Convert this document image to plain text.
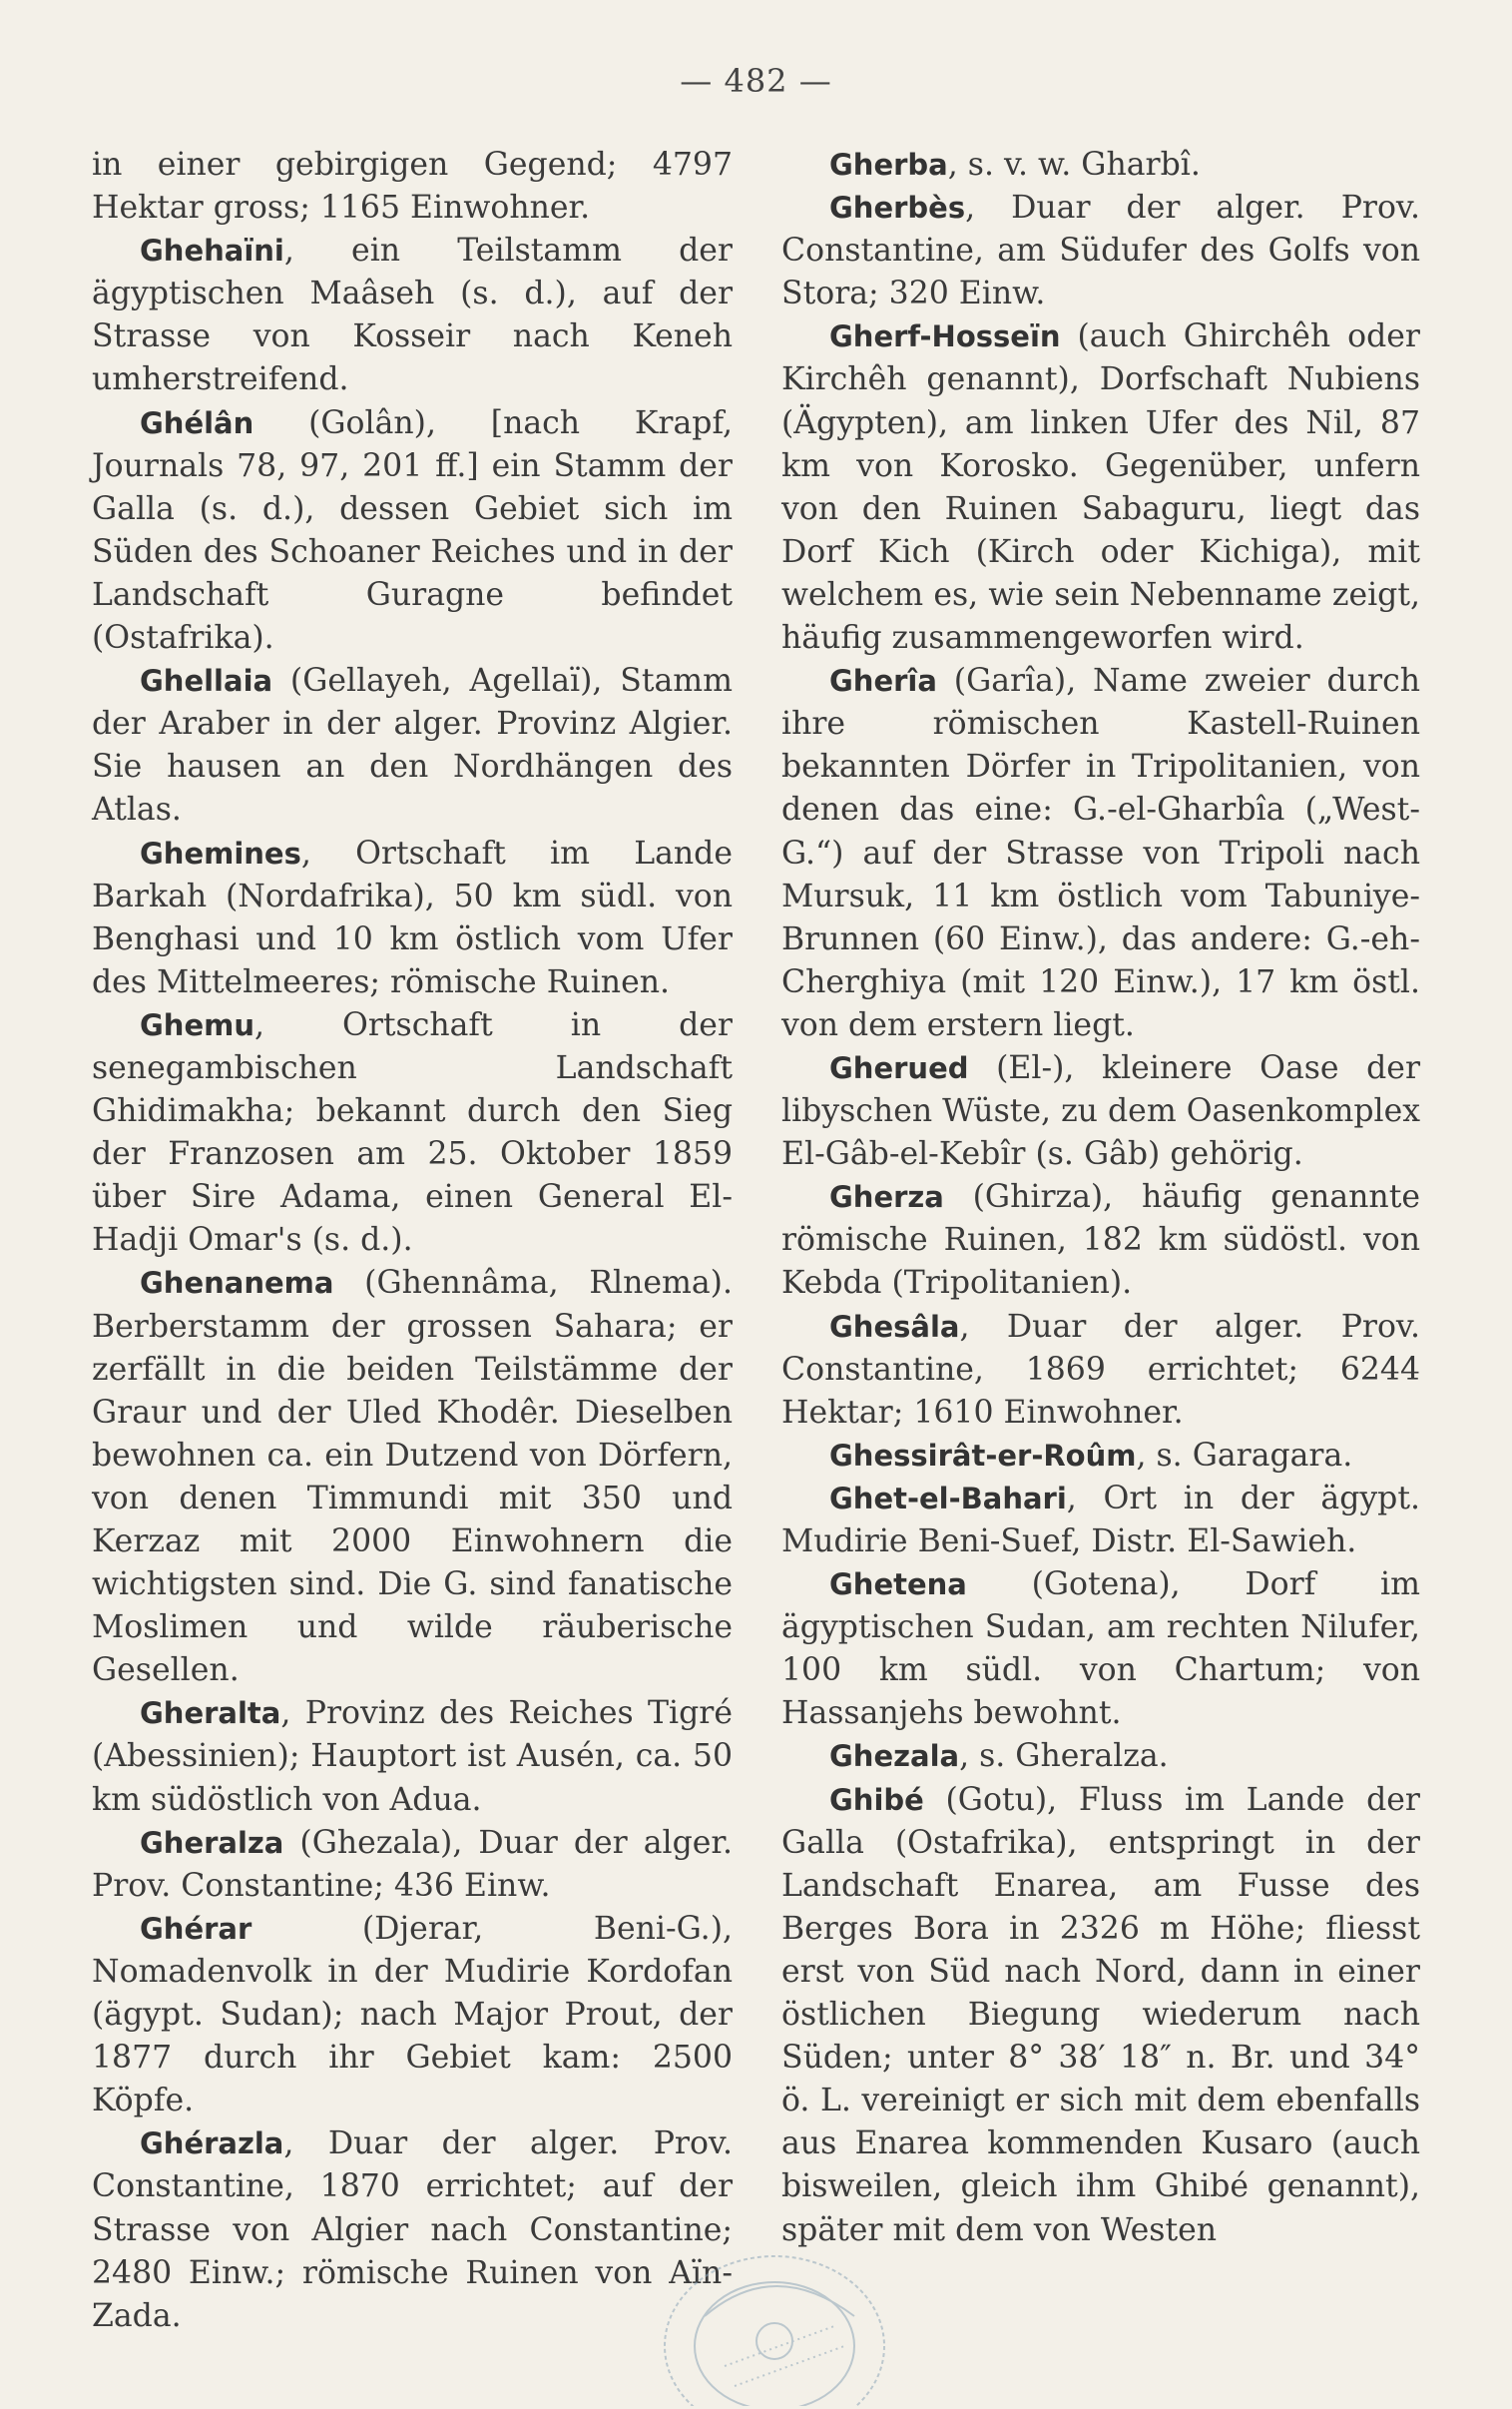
— 482 —

in einer gebirgigen Gegend; 4797 Hektar gross; 1165 Einwohner.

Ghehaïni, ein Teilstamm der ägyptischen Maâseh (s. d.), auf der Strasse von Kosseir nach Keneh umherstreifend.

Ghélân (Golân), [nach Krapf, Journals 78, 97, 201 ff.] ein Stamm der Galla (s. d.), dessen Gebiet sich im Süden des Schoaner Reiches und in der Landschaft Guragne befindet (Ostafrika).

Ghellaia (Gellayeh, Agellaï), Stamm der Araber in der alger. Provinz Algier. Sie hausen an den Nordhängen des Atlas.

Ghemines, Ortschaft im Lande Barkah (Nordafrika), 50 km südl. von Benghasi und 10 km östlich vom Ufer des Mittelmeeres; römische Ruinen.

Ghemu, Ortschaft in der senegambischen Landschaft Ghidimakha; bekannt durch den Sieg der Franzosen am 25. Oktober 1859 über Sire Adama, einen General El-Hadji Omar's (s. d.).

Ghenanema (Ghennâma, Rlnema). Berberstamm der grossen Sahara; er zerfällt in die beiden Teilstämme der Graur und der Uled Khodêr. Dieselben bewohnen ca. ein Dutzend von Dörfern, von denen Timmundi mit 350 und Kerzaz mit 2000 Einwohnern die wichtigsten sind. Die G. sind fanatische Moslimen und wilde räuberische Gesellen.

Gheralta, Provinz des Reiches Tigré (Abessinien); Hauptort ist Ausén, ca. 50 km südöstlich von Adua.

Gheralza (Ghezala), Duar der alger. Prov. Constantine; 436 Einw.

Ghérar (Djerar, Beni-G.), Nomadenvolk in der Mudirie Kordofan (ägypt. Sudan); nach Major Prout, der 1877 durch ihr Gebiet kam: 2500 Köpfe.

Ghérazla, Duar der alger. Prov. Constantine, 1870 errichtet; auf der Strasse von Algier nach Constantine; 2480 Einw.; römische Ruinen von Aïn-Zada.

Gherba, s. v. w. Gharbî.

Gherbès, Duar der alger. Prov. Constantine, am Südufer des Golfs von Stora; 320 Einw.

Gherf-Hosseïn (auch Ghirchêh oder Kirchêh genannt), Dorfschaft Nubiens (Ägypten), am linken Ufer des Nil, 87 km von Korosko. Gegenüber, unfern von den Ruinen Sabaguru, liegt das Dorf Kich (Kirch oder Kichiga), mit welchem es, wie sein Nebenname zeigt, häufig zusammengeworfen wird.

Gherîa (Garîa), Name zweier durch ihre römischen Kastell-Ruinen bekannten Dörfer in Tripolitanien, von denen das eine: G.-el-Gharbîa („West-G.“) auf der Strasse von Tripoli nach Mursuk, 11 km östlich vom Tabuniye-Brunnen (60 Einw.), das andere: G.-eh-Cherghiya (mit 120 Einw.), 17 km östl. von dem erstern liegt.

Gherued (El-), kleinere Oase der libyschen Wüste, zu dem Oasenkomplex El-Gâb-el-Kebîr (s. Gâb) gehörig.

Gherza (Ghirza), häufig genannte römische Ruinen, 182 km südöstl. von Kebda (Tripolitanien).

Ghesâla, Duar der alger. Prov. Constantine, 1869 errichtet; 6244 Hektar; 1610 Einwohner.

Ghessirât-er-Roûm, s. Garagara.

Ghet-el-Bahari, Ort in der ägypt. Mudirie Beni-Suef, Distr. El-Sawieh.

Ghetena (Gotena), Dorf im ägyptischen Sudan, am rechten Nilufer, 100 km südl. von Chartum; von Hassanjehs bewohnt.

Ghezala, s. Gheralza.

Ghibé (Gotu), Fluss im Lande der Galla (Ostafrika), entspringt in der Landschaft Enarea, am Fusse des Berges Bora in 2326 m Höhe; fliesst erst von Süd nach Nord, dann in einer östlichen Biegung wiederum nach Süden; unter 8° 38′ 18″ n. Br. und 34° ö. L. vereinigt er sich mit dem ebenfalls aus Enarea kommenden Kusaro (auch bisweilen, gleich ihm Ghibé genannt), später mit dem von Westen
